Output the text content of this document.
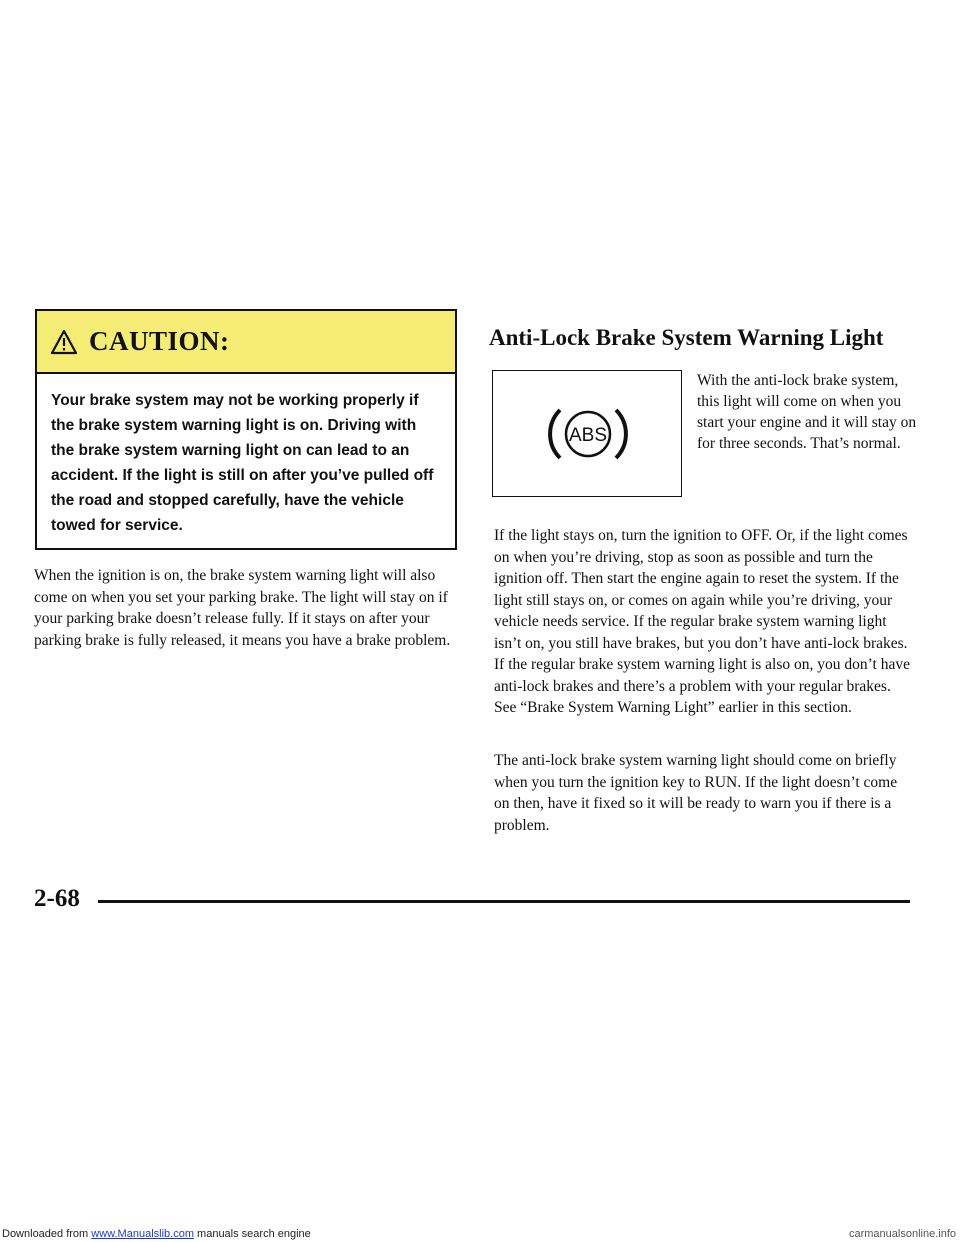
CAUTION:
Your brake system may not be working properly if the brake system warning light is on. Driving with the brake system warning light on can lead to an accident. If the light is still on after you’ve pulled off the road and stopped carefully, have the vehicle towed for service.

When the ignition is on, the brake system warning light will also come on when you set your parking brake. The light will stay on if your parking brake doesn’t release fully. If it stays on after your parking brake is fully released, it means you have a brake problem.

Anti-Lock Brake System Warning Light
ABS

With the anti-lock brake system, this light will come on when you start your engine and it will stay on for three seconds. That’s normal.

If the light stays on, turn the ignition to OFF. Or, if the light comes on when you’re driving, stop as soon as possible and turn the ignition off. Then start the engine again to reset the system. If the light still stays on, or comes on again while you’re driving, your vehicle needs service. If the regular brake system warning light isn’t on, you still have brakes, but you don’t have anti-lock brakes. If the regular brake system warning light is also on, you don’t have anti-lock brakes and there’s a problem with your regular brakes. See “Brake System Warning Light” earlier in this section.

The anti-lock brake system warning light should come on briefly when you turn the ignition key to RUN. If the light doesn’t come on then, have it fixed so it will be ready to warn you if there is a problem.

2-68
Downloaded from www.Manualslib.com manuals search engine	carmanualsonline.info
